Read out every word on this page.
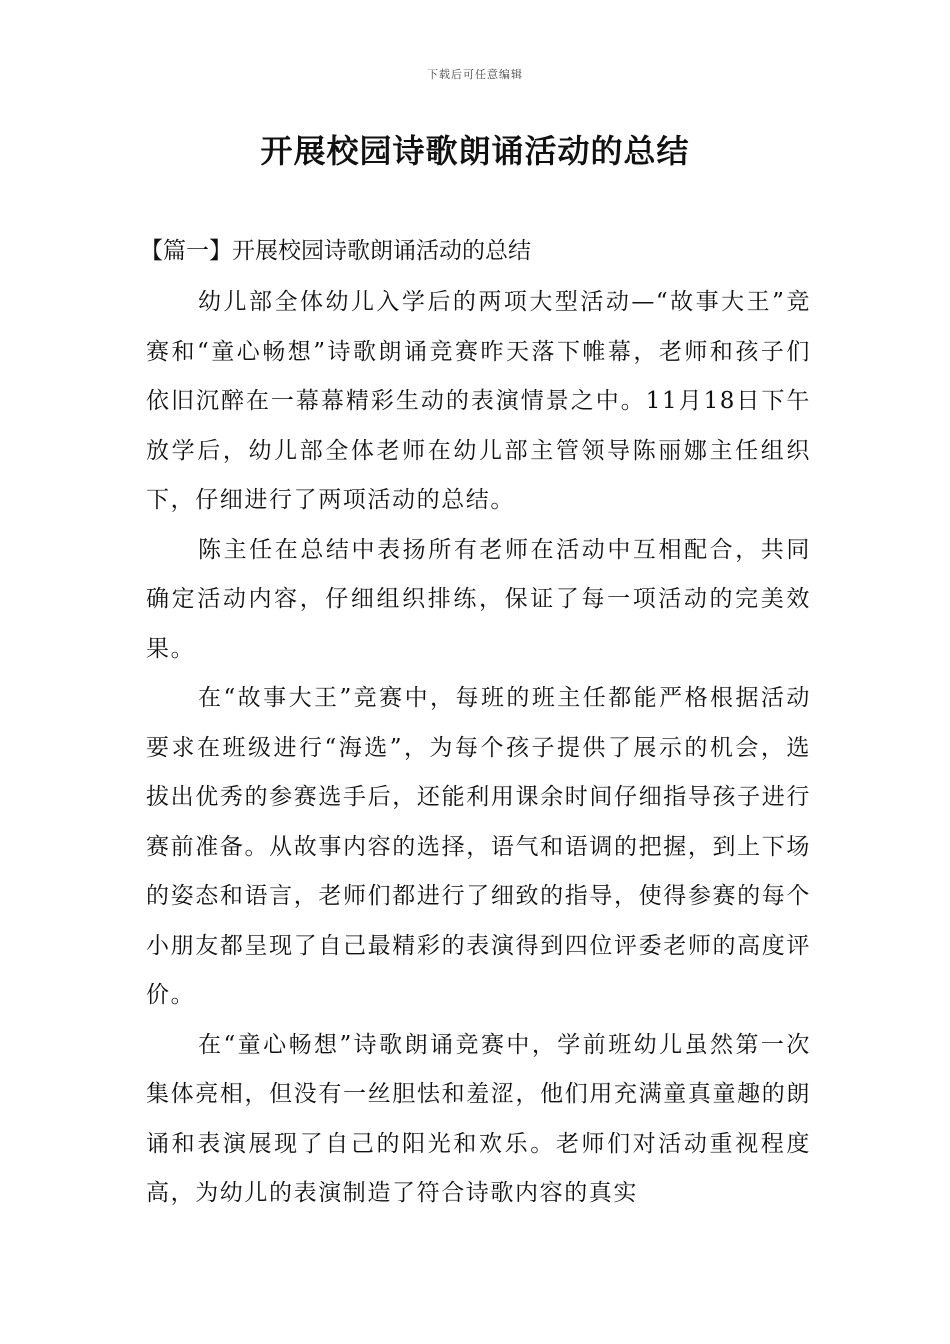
下载后可任意编辑
开展校园诗歌朗诵活动的总结
【篇一】开展校园诗歌朗诵活动的总结

幼儿部全体幼儿入学后的两项大型活动—“故事大王”竞赛和“童心畅想”诗歌朗诵竞赛昨天落下帷幕，老师和孩子们依旧沉醉在一幕幕精彩生动的表演情景之中。11月18日下午放学后，幼儿部全体老师在幼儿部主管领导陈丽娜主任组织下，仔细进行了两项活动的总结。

陈主任在总结中表扬所有老师在活动中互相配合，共同确定活动内容，仔细组织排练，保证了每一项活动的完美效果。

在“故事大王”竞赛中，每班的班主任都能严格根据活动要求在班级进行“海选”，为每个孩子提供了展示的机会，选拔出优秀的参赛选手后，还能利用课余时间仔细指导孩子进行赛前准备。从故事内容的选择，语气和语调的把握，到上下场的姿态和语言，老师们都进行了细致的指导，使得参赛的每个小朋友都呈现了自己最精彩的表演得到四位评委老师的高度评价。

在“童心畅想”诗歌朗诵竞赛中，学前班幼儿虽然第一次集体亮相，但没有一丝胆怯和羞涩，他们用充满童真童趣的朗诵和表演展现了自己的阳光和欢乐。老师们对活动重视程度高，为幼儿的表演制造了符合诗歌内容的真实
